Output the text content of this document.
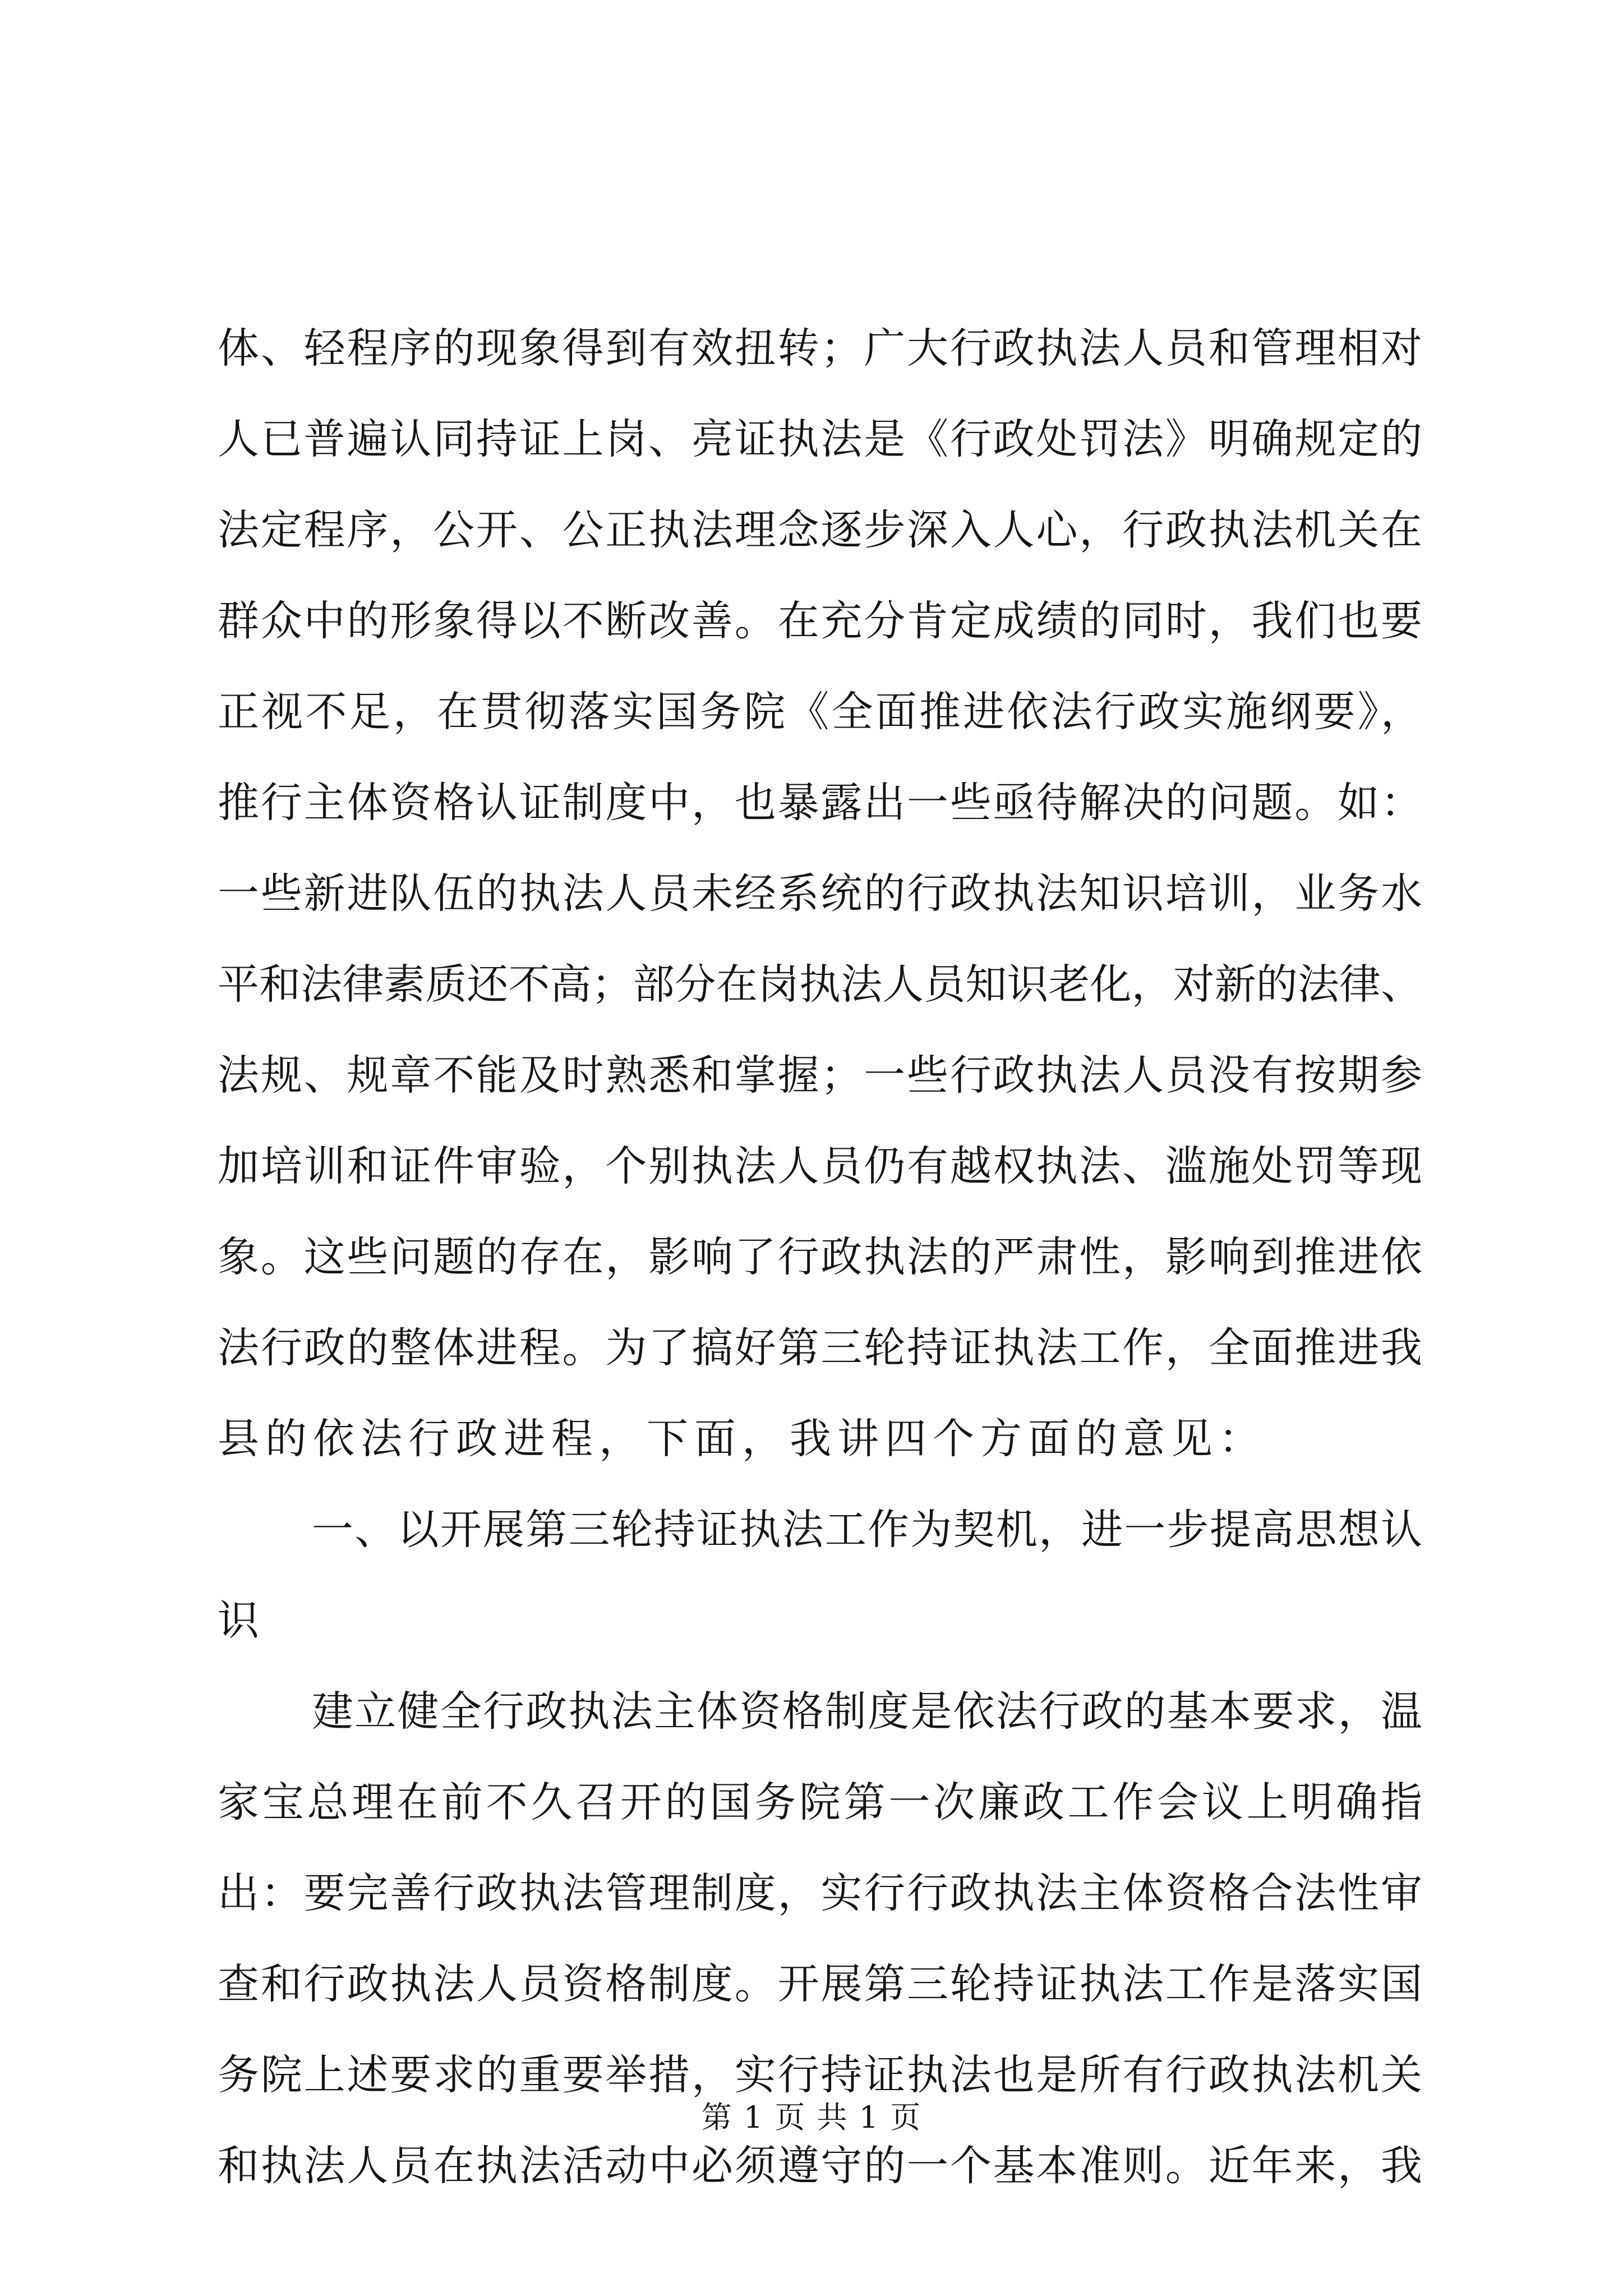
体、轻程序的现象得到有效扭转；广大行政执法人员和管理相对
人已普遍认同持证上岗、亮证执法是《行政处罚法》明确规定的
法定程序，公开、公正执法理念逐步深入人心，行政执法机关在
群众中的形象得以不断改善。在充分肯定成绩的同时，我们也要
正视不足，在贯彻落实国务院《全面推进依法行政实施纲要》，
推行主体资格认证制度中，也暴露出一些亟待解决的问题。如：
一些新进队伍的执法人员未经系统的行政执法知识培训，业务水
平和法律素质还不高；部分在岗执法人员知识老化，对新的法律、
法规、规章不能及时熟悉和掌握；一些行政执法人员没有按期参
加培训和证件审验，个别执法人员仍有越权执法、滥施处罚等现
象。这些问题的存在，影响了行政执法的严肃性，影响到推进依
法行政的整体进程。为了搞好第三轮持证执法工作，全面推进我
县的依法行政进程，下面，我讲四个方面的意见：
一、以开展第三轮持证执法工作为契机，进一步提高思想认
识
建立健全行政执法主体资格制度是依法行政的基本要求，温
家宝总理在前不久召开的国务院第一次廉政工作会议上明确指
出：要完善行政执法管理制度，实行行政执法主体资格合法性审
查和行政执法人员资格制度。开展第三轮持证执法工作是落实国
务院上述要求的重要举措，实行持证执法也是所有行政执法机关
和执法人员在执法活动中必须遵守的一个基本准则。近年来，我
第 1 页 共 1 页
